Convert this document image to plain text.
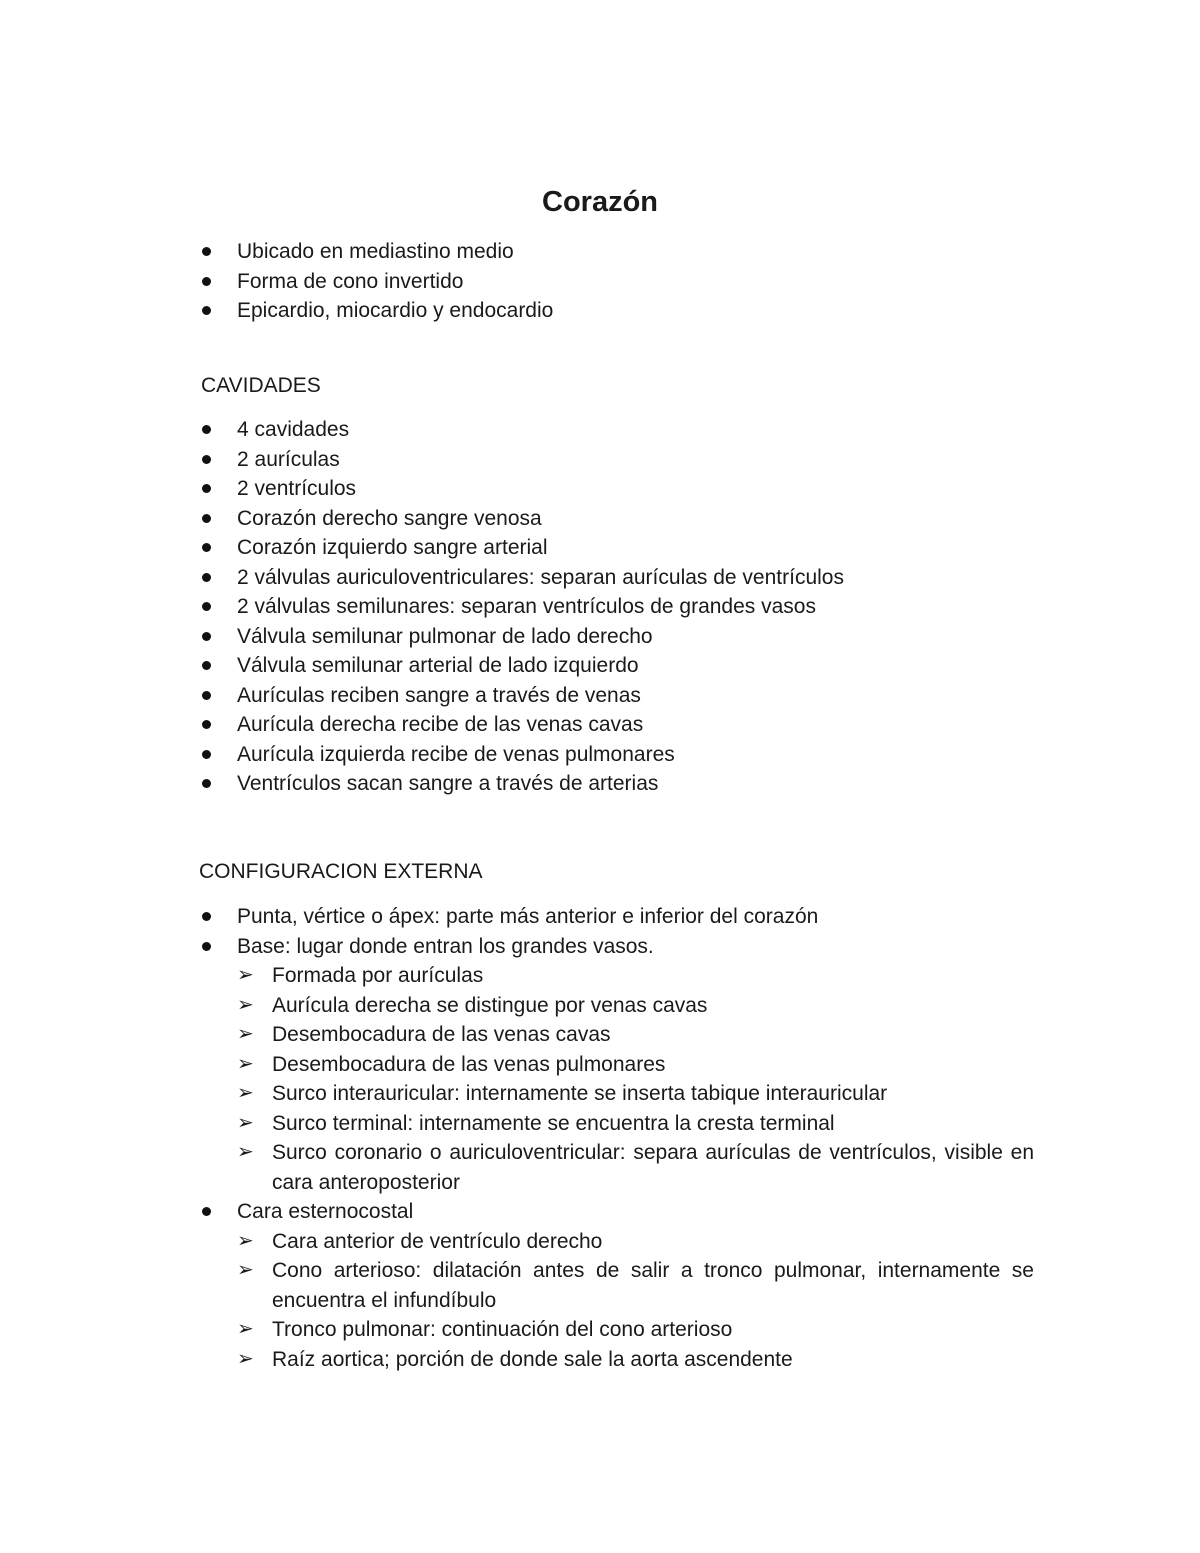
Corazón
Ubicado en mediastino medio
Forma de cono invertido
Epicardio, miocardio y endocardio
CAVIDADES
4 cavidades
2 aurículas
2 ventrículos
Corazón derecho sangre venosa
Corazón izquierdo sangre arterial
2 válvulas auriculoventriculares: separan aurículas de ventrículos
2 válvulas semilunares: separan ventrículos de grandes vasos
Válvula semilunar pulmonar de lado derecho
Válvula semilunar arterial de lado izquierdo
Aurículas reciben sangre a través de venas
Aurícula derecha recibe de las venas cavas
Aurícula izquierda recibe de venas pulmonares
Ventrículos sacan sangre a través de arterias
CONFIGURACION EXTERNA
Punta, vértice o ápex: parte más anterior e inferior del corazón
Base: lugar donde entran los grandes vasos.
➢ Formada por aurículas
➢ Aurícula derecha se distingue por venas cavas
➢ Desembocadura de las venas cavas
➢ Desembocadura de las venas pulmonares
➢ Surco interauricular: internamente se inserta tabique interauricular
➢ Surco terminal: internamente se encuentra la cresta terminal
➢ Surco coronario o auriculoventricular: separa aurículas de ventrículos, visible en cara anteroposterior
Cara esternocostal
➢ Cara anterior de ventrículo derecho
➢ Cono arterioso: dilatación antes de salir a tronco pulmonar, internamente se encuentra el infundíbulo
➢ Tronco pulmonar: continuación del cono arterioso
➢ Raíz aortica; porción de donde sale la aorta ascendente
